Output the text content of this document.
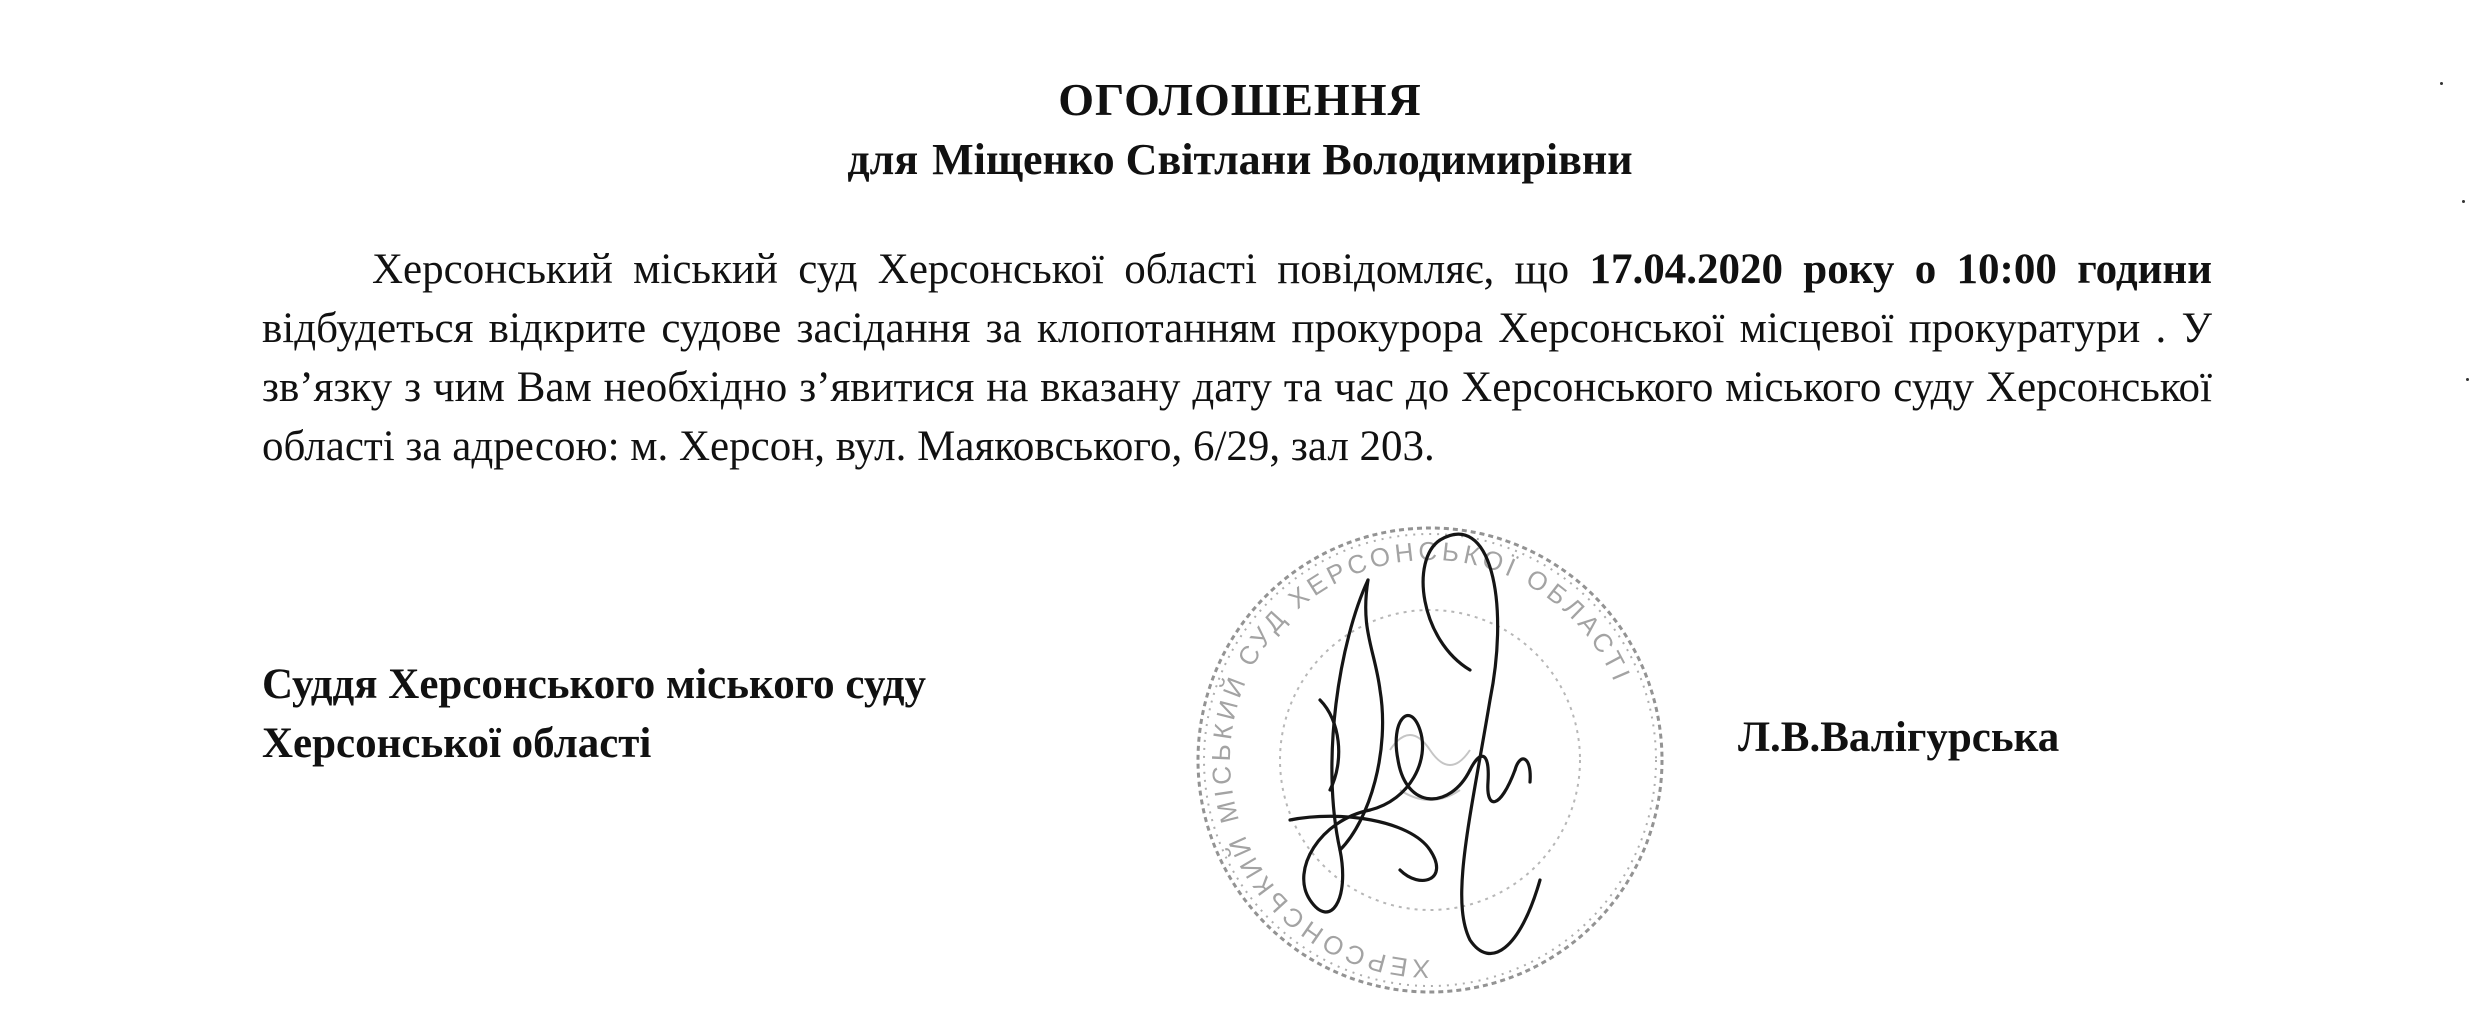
ОГОЛОШЕННЯ
для Міщенко Світлани Володимирівни

Херсонський міський суд Херсонської області повідомляє, що 17.04.2020 року о 10:00 години відбудеться відкрите судове засідання за клопотанням прокурора Херсонської місцевої прокуратури . У зв’язку з чим Вам необхідно з’явитися на вказану дату та час до Херсонського міського суду Херсонської області за адресою: м. Херсон, вул. Маяковського, 6/29, зал 203.

Суддя Херсонського міського суду
Херсонської області	Л.В.Валігурська
ХЕРСОНСЬКИЙ МІСЬКИЙ СУД ХЕРСОНСЬКОЇ ОБЛАСТІ
